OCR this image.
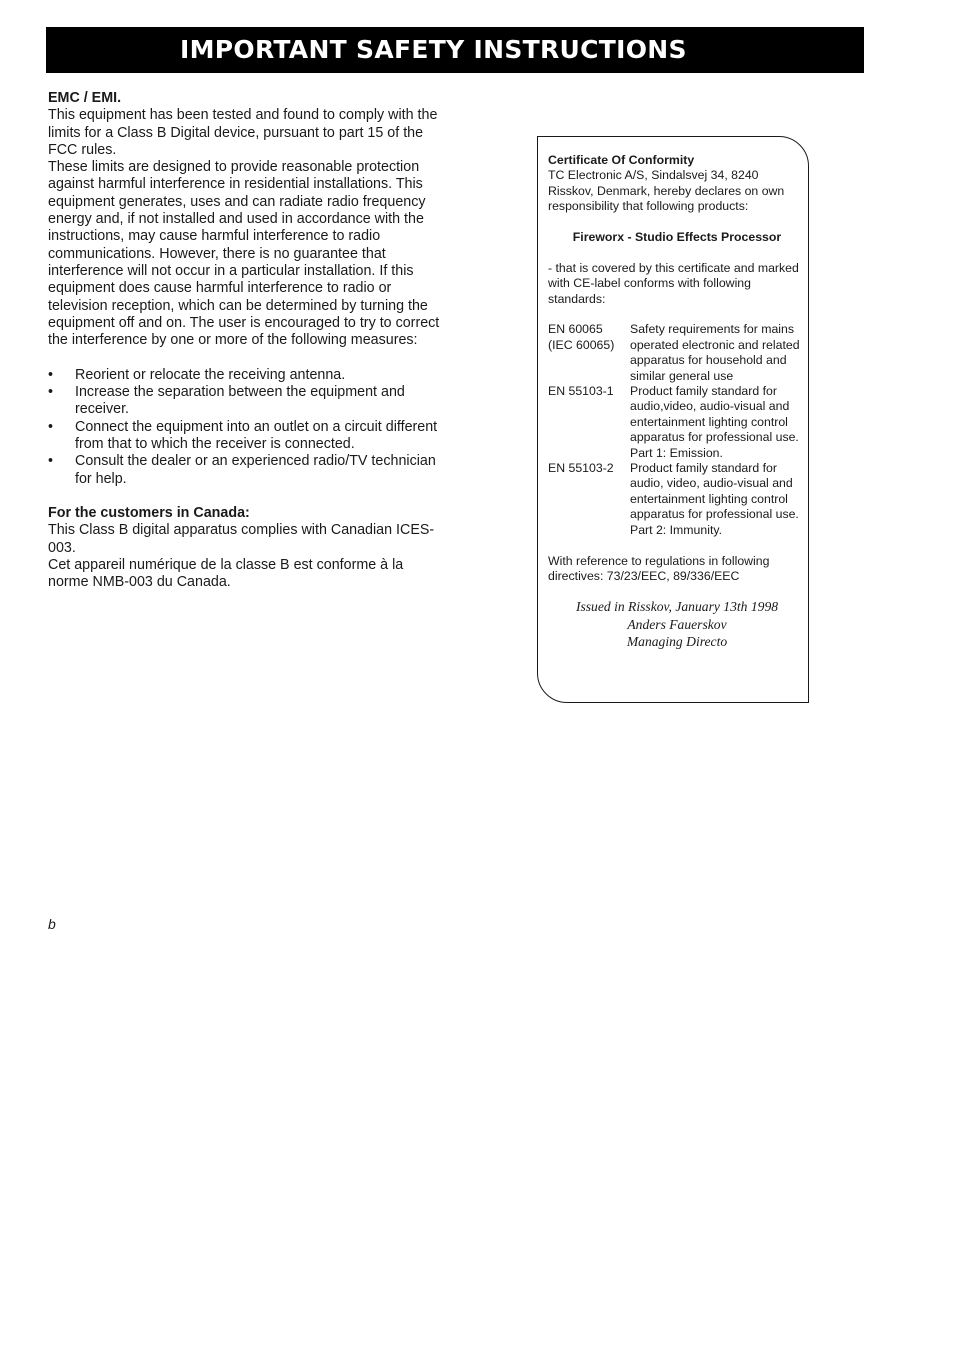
IMPORTANT SAFETY INSTRUCTIONS

EMC / EMI.

This equipment has been tested and found to comply with the limits for a Class B Digital device, pursuant to part 15 of the FCC rules.

These limits are designed to provide reasonable protection against harmful interference in residential installations. This equipment generates, uses and can radiate radio frequency energy and, if not installed and used in accordance with the instructions, may cause harmful interference to radio communications. However, there is no guarantee that interference will not occur in a particular installation. If this equipment does cause harmful interference to radio or television reception, which can be determined by turning the equipment off and on. The user is encouraged to try to correct the interference by one or more of the following measures:

• Reorient or relocate the receiving antenna.
• Increase the separation between the equipment and receiver.
• Connect the equipment into an outlet on a circuit different from that to which the receiver is connected.
• Consult the dealer or an experienced radio/TV technician for help.

For the customers in Canada:

This Class B digital apparatus complies with Canadian ICES-003.

Cet appareil numérique de la classe B est conforme à la norme NMB-003 du Canada.

Certificate Of Conformity

TC Electronic A/S, Sindalsvej 34, 8240 Risskov, Denmark, hereby declares on own responsibility that following products:

Fireworx - Studio Effects Processor

- that is covered by this certificate and marked with CE-label conforms with following standards:

EN 60065 (IEC 60065)
Safety requirements for mains operated electronic and related apparatus for household and similar general use
EN 55103-1	Product family standard for audio,video, audio-visual and entertainment lighting control apparatus for professional use. Part 1: Emission.
EN 55103-2	Product family standard for audio, video, audio-visual and entertainment lighting control apparatus for professional use. Part 2: Immunity.

With reference to regulations in following directives: 73/23/EEC, 89/336/EEC

Issued in Risskov, January 13th 1998

Anders Fauerskov

Managing Directo

b
